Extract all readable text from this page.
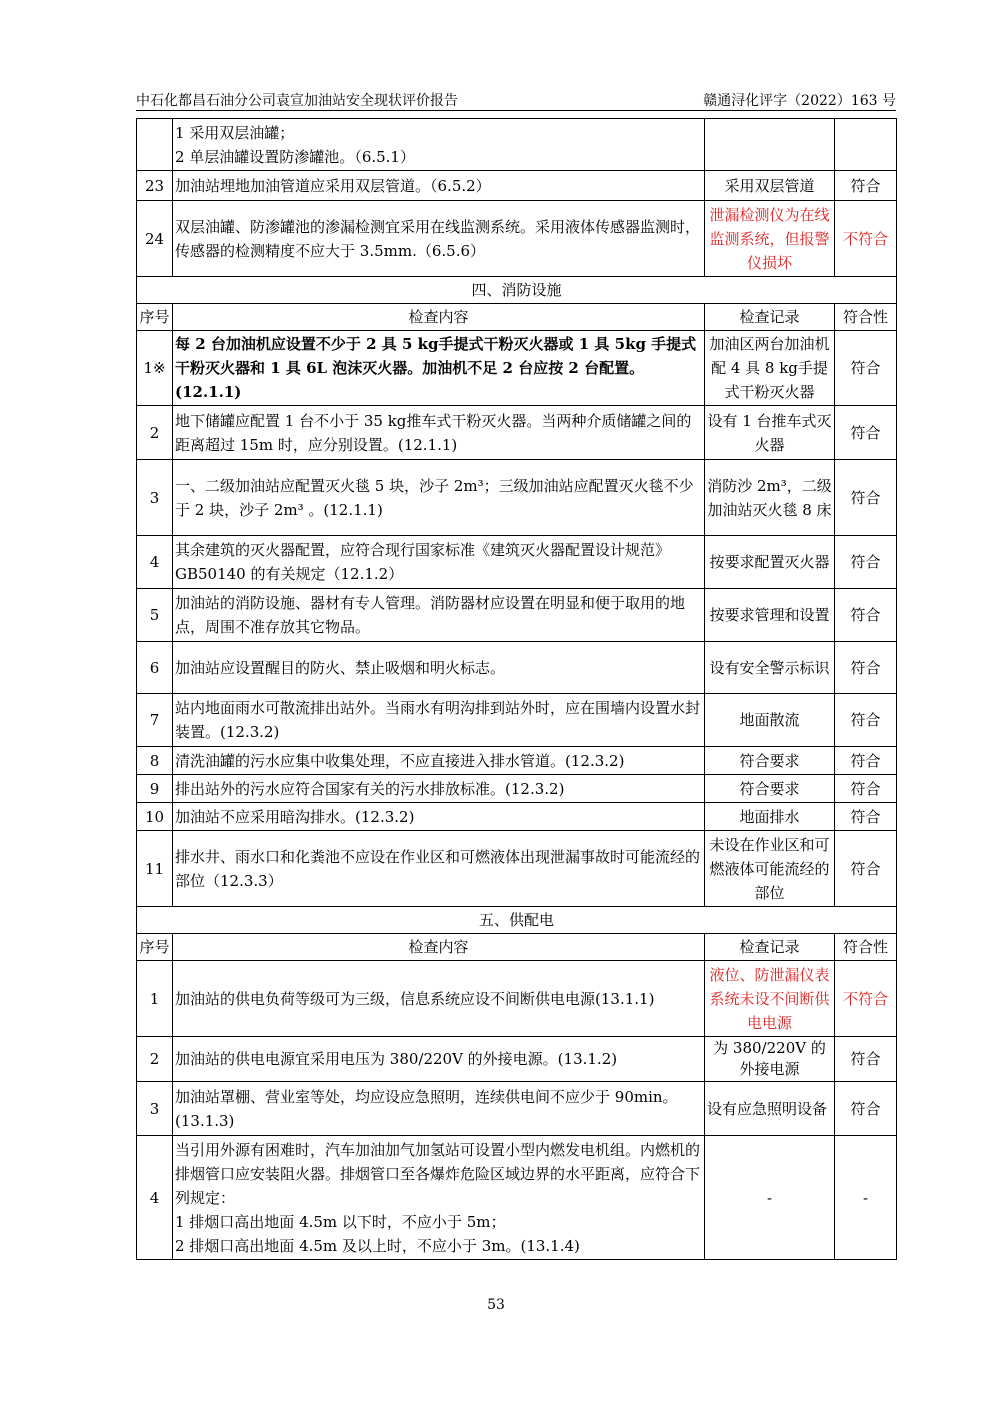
中石化都昌石油分公司袁宣加油站安全现状评价报告	赣通浔化评字（2022）163 号

	1 采用双层油罐；
2 单层油罐设置防渗罐池。（6.5.1）		

23	加油站埋地加油管道应采用双层管道。（6.5.2）	采用双层管道	符合
24	双层油罐、防渗罐池的渗漏检测宜采用在线监测系统。采用液体传感器监测时，传感器的检测精度不应大于 3.5mm.（6.5.6）	泄漏检测仪为在线监测系统，但报警仪损坏	不符合
四、消防设施			
序号	检查内容	检查记录	符合性
1※	每 2 台加油机应设置不少于 2 具 5 kg手提式干粉灭火器或 1 具 5kg 手提式干粉灭火器和 1 具 6L 泡沫灭火器。加油机不足 2 台应按 2 台配置。(12.1.1)	加油区两台加油机配 4 具 8 kg手提式干粉灭火器	符合
2	地下储罐应配置 1 台不小于 35 kg推车式干粉灭火器。当两种介质储罐之间的距离超过 15m 时，应分别设置。(12.1.1)	设有 1 台推车式灭火器	符合
3	一、二级加油站应配置灭火毯 5 块，沙子 2m³；三级加油站应配置灭火毯不少于 2 块，沙子 2m³ 。(12.1.1)	消防沙 2m³，二级加油站灭火毯 8 床	符合
4	其余建筑的灭火器配置，应符合现行国家标准《建筑灭火器配置设计规范》GB50140 的有关规定（12.1.2）	按要求配置灭火器	符合
5	加油站的消防设施、器材有专人管理。消防器材应设置在明显和便于取用的地点，周围不准存放其它物品。	按要求管理和设置	符合
6	加油站应设置醒目的防火、禁止吸烟和明火标志。	设有安全警示标识	符合
7	站内地面雨水可散流排出站外。当雨水有明沟排到站外时，应在围墙内设置水封装置。(12.3.2)	地面散流	符合
8	清洗油罐的污水应集中收集处理，不应直接进入排水管道。(12.3.2)	符合要求	符合
9	排出站外的污水应符合国家有关的污水排放标准。(12.3.2)	符合要求	符合
10	加油站不应采用暗沟排水。(12.3.2)	地面排水	符合
11	排水井、雨水口和化粪池不应设在作业区和可燃液体出现泄漏事故时可能流经的部位（12.3.3）	未设在作业区和可燃液体可能流经的部位	符合
五、供配电			
序号	检查内容	检查记录	符合性
1	加油站的供电负荷等级可为三级，信息系统应设不间断供电电源(13.1.1)	液位、防泄漏仪表系统未设不间断供电电源	不符合
2	加油站的供电电源宜采用电压为 380/220V 的外接电源。(13.1.2)	为 380/220V 的外接电源	符合
3	加油站罩棚、营业室等处，均应设应急照明，连续供电间不应少于 90min。(13.1.3)	设有应急照明设备	符合
4	当引用外源有困难时，汽车加油加气加氢站可设置小型内燃发电机组。内燃机的排烟管口应安装阻火器。排烟管口至各爆炸危险区域边界的水平距离，应符合下列规定：
1 排烟口高出地面 4.5m 以下时，不应小于 5m；
2 排烟口高出地面 4.5m 及以上时，不应小于 3m。(13.1.4)	-	-
53
